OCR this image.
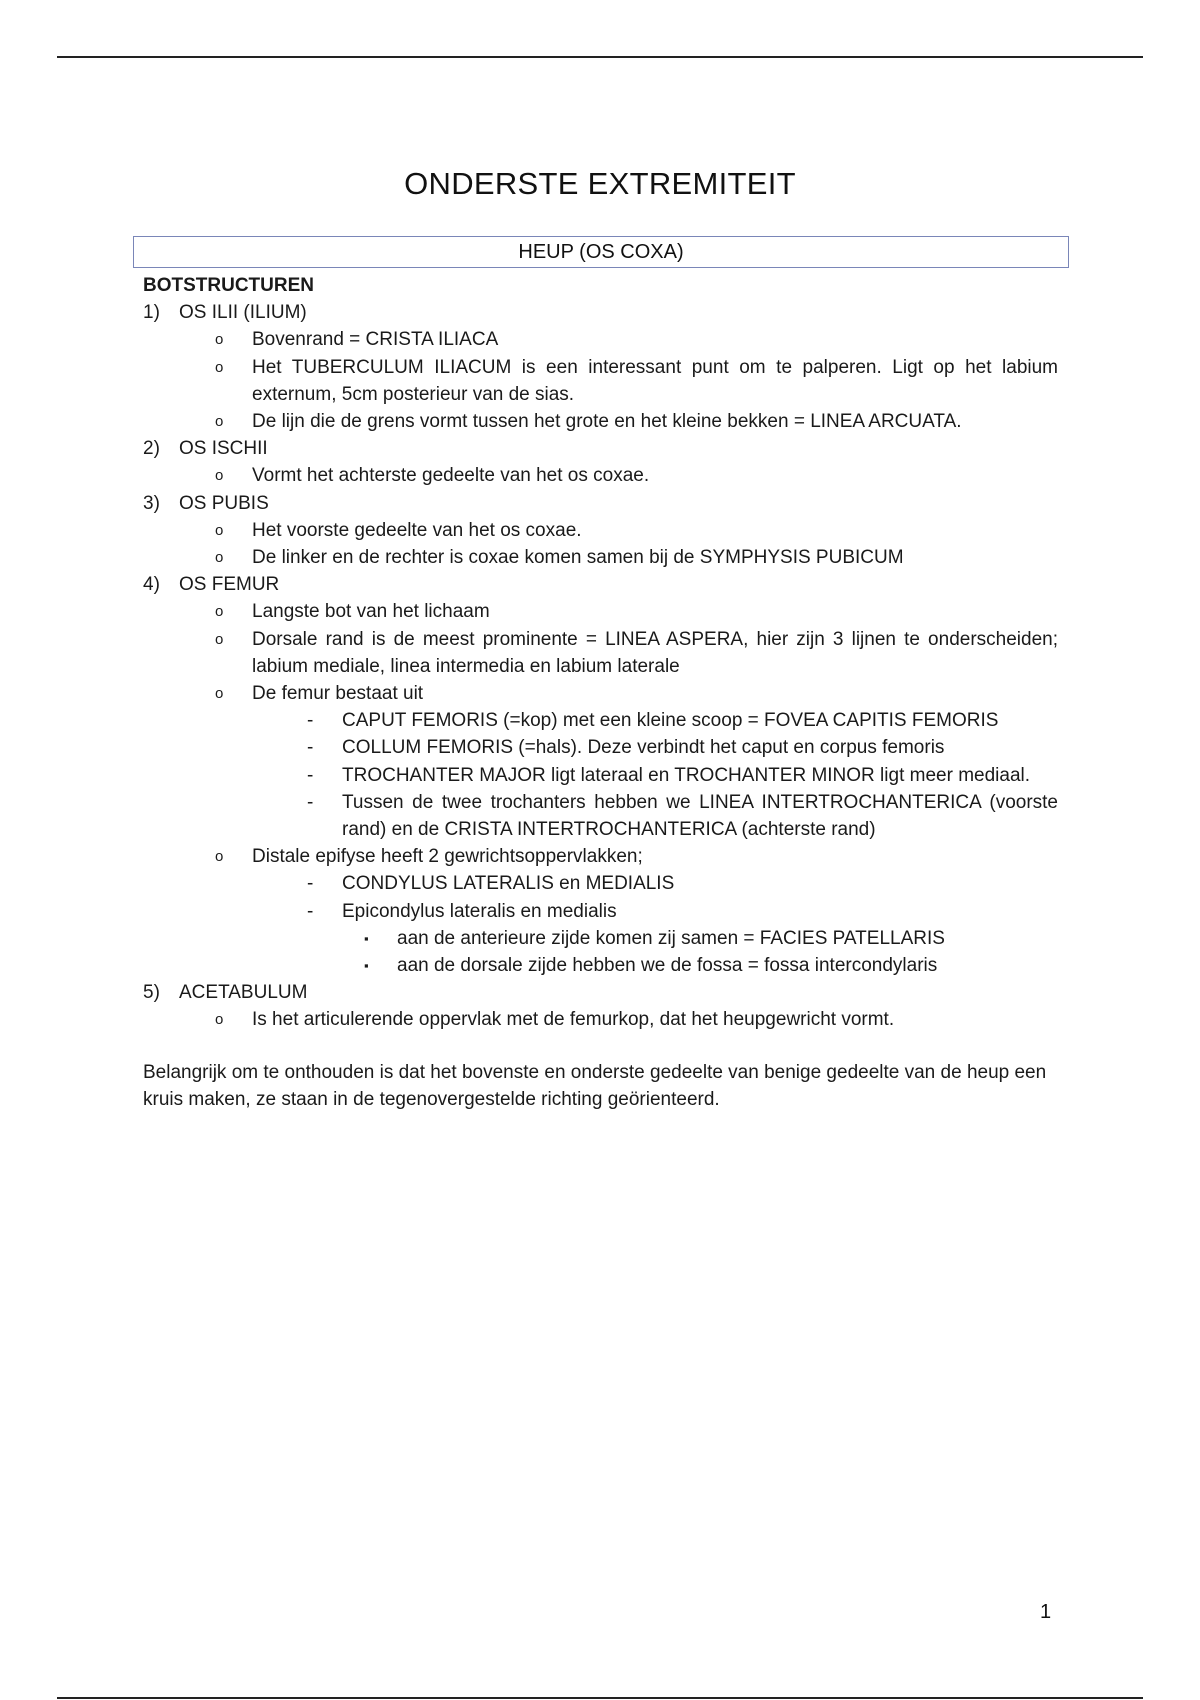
ONDERSTE EXTREMITEIT
HEUP (OS COXA)
BOTSTRUCTUREN
1) OS ILII (ILIUM)
o Bovenrand = CRISTA ILIACA
o Het TUBERCULUM ILIACUM is een interessant punt om te palperen. Ligt op het labium externum, 5cm posterieur van de sias.
o De lijn die de grens vormt tussen het grote en het kleine bekken = LINEA ARCUATA.
2) OS ISCHII
o Vormt het achterste gedeelte van het os coxae.
3) OS PUBIS
o Het voorste gedeelte van het os coxae.
o De linker en de rechter is coxae komen samen bij de SYMPHYSIS PUBICUM
4) OS FEMUR
o Langste bot van het lichaam
o Dorsale rand is de meest prominente = LINEA ASPERA, hier zijn 3 lijnen te onderscheiden; labium mediale, linea intermedia en labium laterale
o De femur bestaat uit
- CAPUT FEMORIS (=kop) met een kleine scoop = FOVEA CAPITIS FEMORIS
- COLLUM FEMORIS (=hals). Deze verbindt het caput en corpus femoris
- TROCHANTER MAJOR ligt lateraal en TROCHANTER MINOR ligt meer mediaal.
- Tussen de twee trochanters hebben we LINEA INTERTROCHANTERICA (voorste rand) en de CRISTA INTERTROCHANTERICA (achterste rand)
o Distale epifyse heeft 2 gewrichtsoppervlakken;
- CONDYLUS LATERALIS en MEDIALIS
- Epicondylus lateralis en medialis
▪ aan de anterieure zijde komen zij samen = FACIES PATELLARIS
▪ aan de dorsale zijde hebben we de fossa = fossa intercondylaris
5) ACETABULUM
o Is het articulerende oppervlak met de femurkop, dat het heupgewricht vormt.

Belangrijk om te onthouden is dat het bovenste en onderste gedeelte van benige gedeelte van de heup een kruis maken, ze staan in de tegenovergestelde richting geörienteerd.

1
